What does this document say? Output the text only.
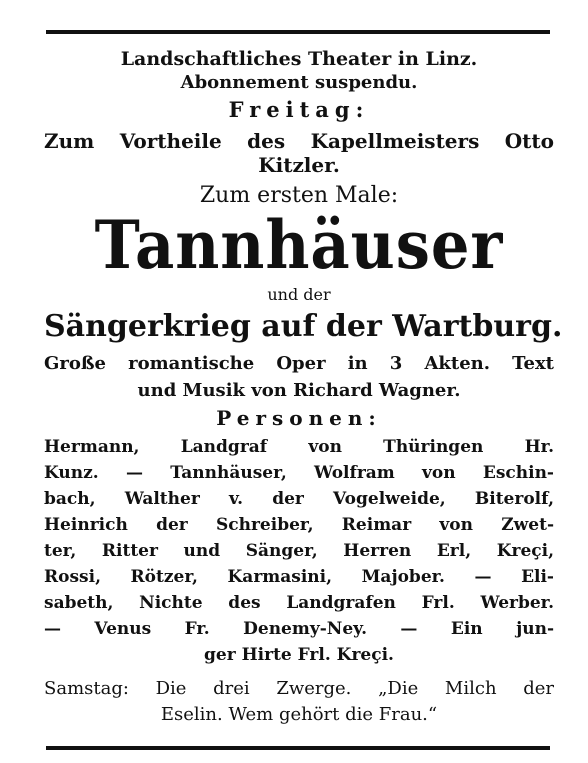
Landschaftliches Theater in Linz.
Abonnement suspendu.
Freitag:
Zum Vortheile des Kapellmeisters Otto
Kitzler.
Zum ersten Male:
Tannhäuser
und der
Sängerkrieg auf der Wartburg.
Große romantische Oper in 3 Akten. Text
und Musik von Richard Wagner.
Personen:
Hermann, Landgraf von Thüringen Hr.
Kunz. — Tannhäuser, Wolfram von Eschin-
bach, Walther v. der Vogelweide, Biterolf,
Heinrich der Schreiber, Reimar von Zwet-
ter, Ritter und Sänger, Herren Erl, Kreçi,
Rossi, Rötzer, Karmasini, Majober. — Eli-
sabeth, Nichte des Landgrafen Frl. Werber.
— Venus Fr. Denemy-Ney. — Ein jun-
ger Hirte Frl. Kreçi.
Samstag: Die drei Zwerge. „Die Milch der
Eselin. Wem gehört die Frau.“
